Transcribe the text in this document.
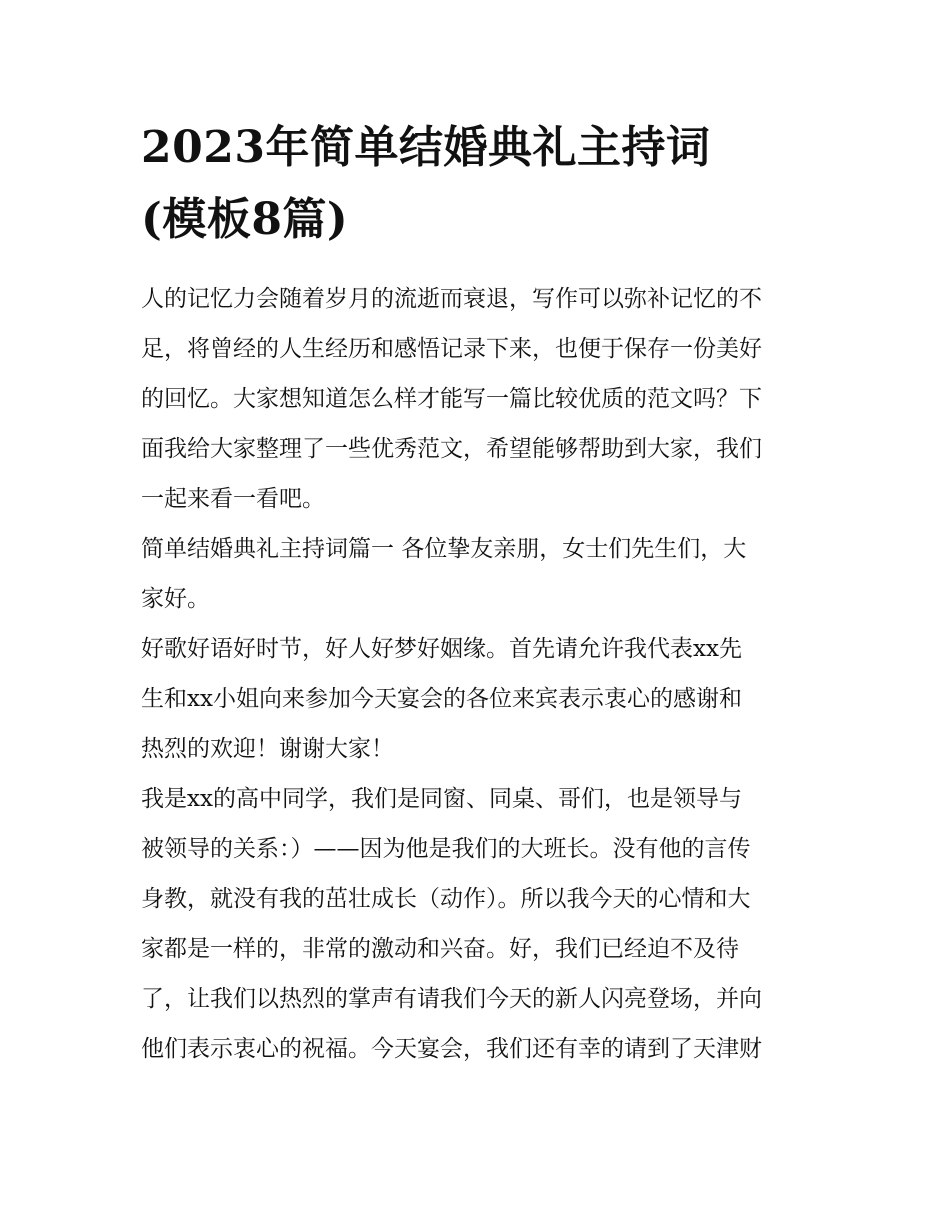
2023年简单结婚典礼主持词
(模板8篇)

人的记忆力会随着岁月的流逝而衰退，写作可以弥补记忆的不
足，将曾经的人生经历和感悟记录下来，也便于保存一份美好
的回忆。大家想知道怎么样才能写一篇比较优质的范文吗？下
面我给大家整理了一些优秀范文，希望能够帮助到大家，我们
一起来看一看吧。

简单结婚典礼主持词篇一 各位挚友亲朋，女士们先生们，大
家好。

好歌好语好时节，好人好梦好姻缘。首先请允许我代表xx先
生和xx小姐向来参加今天宴会的各位来宾表示衷心的感谢和
热烈的欢迎！谢谢大家！

我是xx的高中同学，我们是同窗、同桌、哥们，也是领导与
被领导的关系：）——因为他是我们的大班长。没有他的言传
身教，就没有我的茁壮成长（动作）。所以我今天的心情和大
家都是一样的，非常的激动和兴奋。好，我们已经迫不及待
了，让我们以热烈的掌声有请我们今天的新人闪亮登场，并向
他们表示衷心的祝福。今天宴会，我们还有幸的请到了天津财
